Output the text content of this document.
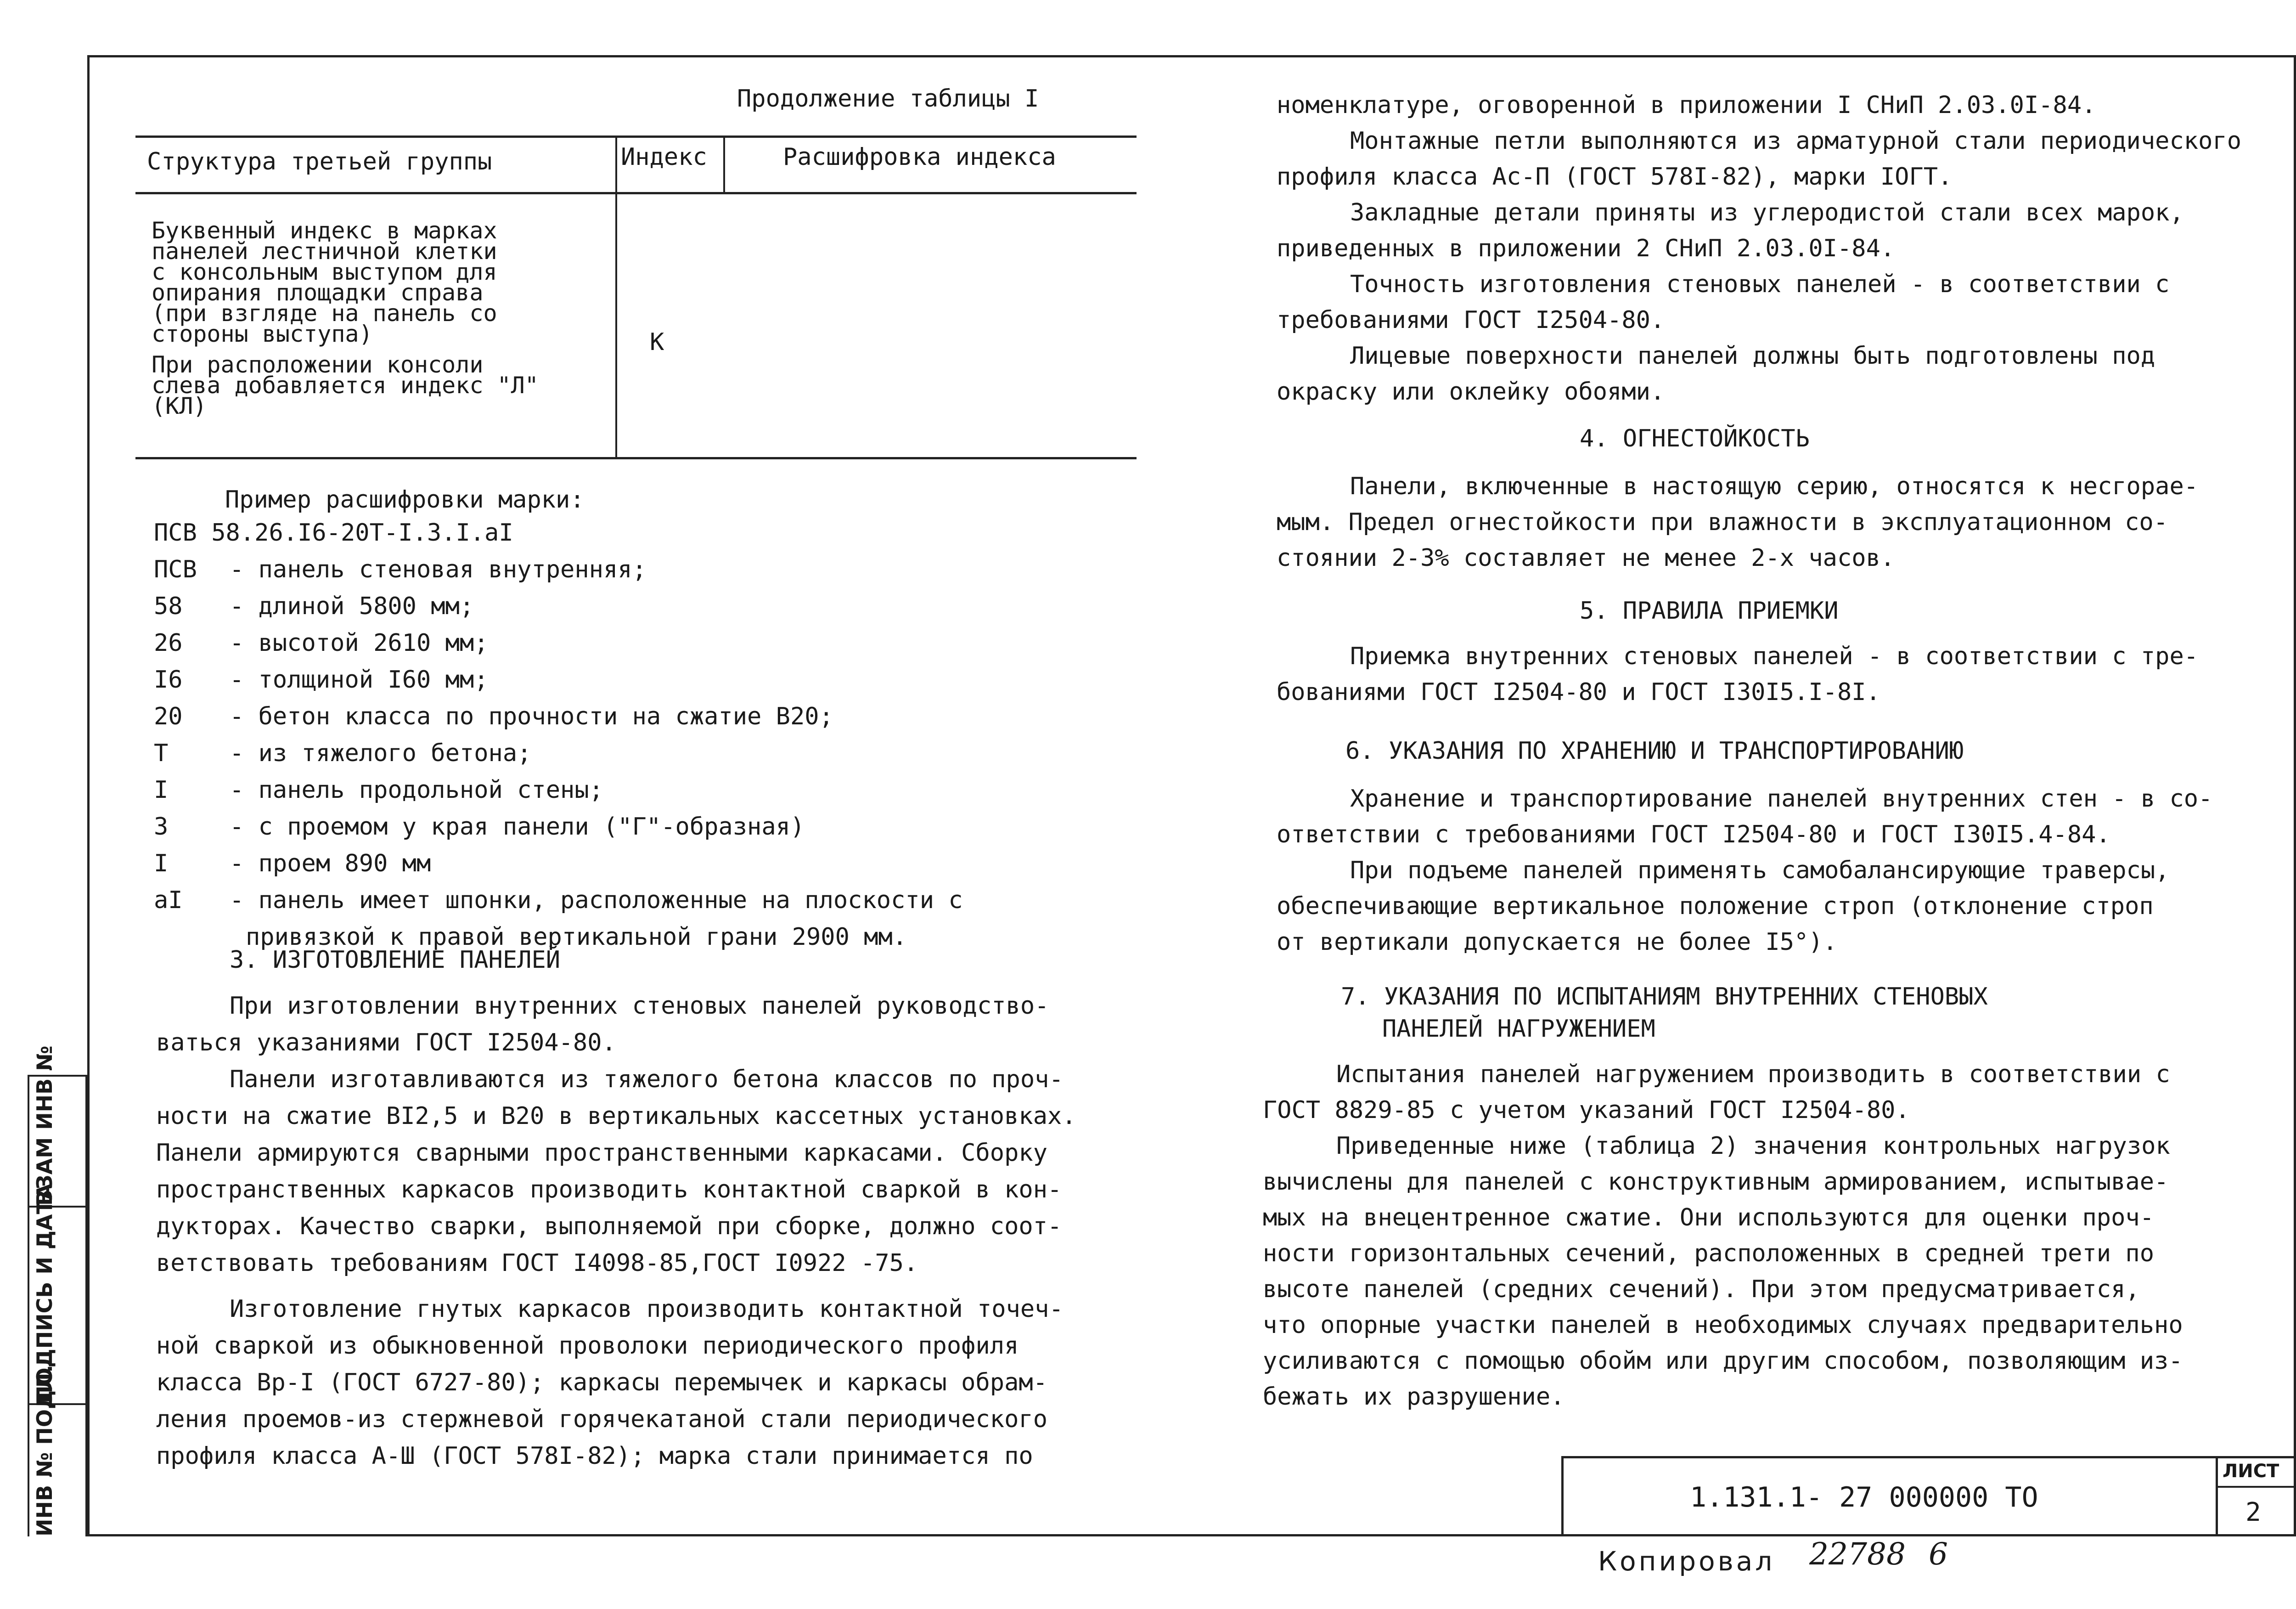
ИНВ № ПОДЛ.
ПОДПИСЬ И ДАТА
ВЗАМ ИНВ №
Продолжение таблицы I
Структура третьей группы	Индекс	Расшифровка индекса
Буквенный индекс в марках
панелей лестничной клетки
с консольным выступом для
опирания площадки справа
(при взгляде на панель со
стороны выступа)
При расположении консоли
слева добавляется индекс "Л"
(КЛ)
К
Пример расшифровки марки:
ПСВ 58.26.I6-20Т-I.3.I.aI
ПСВ - панель стеновая внутренняя;
58 - длиной 5800 мм;
26 - высотой 2610 мм;
I6 - толщиной I60 мм;
20 - бетон класса по прочности на сжатие В20;
Т	- из тяжелого бетона;
I	- панель продольной стены;
3	- с проемом у края панели ("Г"-образная)
I	- проем 890 мм
aI - панель имеет шпонки, расположенные на плоскости с
привязкой к правой вертикальной грани 2900 мм.
3. ИЗГОТОВЛЕНИЕ ПАНЕЛЕЙ
При изготовлении внутренних стеновых панелей руководство-
ваться указаниями ГОСТ I2504-80.
Панели изготавливаются из тяжелого бетона классов по проч-
ности на сжатие BI2,5 и B20 в вертикальных кассетных установках.
Панели армируются сварными пространственными каркасами. Сборку
пространственных каркасов производить контактной сваркой в кон-
дукторах. Качество сварки, выполняемой при сборке, должно соот-
ветствовать требованиям ГОСТ I4098-85,ГОСТ I0922 -75.
Изготовление гнутых каркасов производить контактной точеч-
ной сваркой из обыкновенной проволоки периодического профиля
класса Вр-I (ГОСТ 6727-80); каркасы перемычек и каркасы обрам-
ления проемов-из стержневой горячекатаной стали периодического
профиля класса А-Ш (ГОСТ 578I-82); марка стали принимается по
номенклатуре, оговоренной в приложении I СНиП 2.03.0I-84.
Монтажные петли выполняются из арматурной стали периодического
профиля класса Ас-П (ГОСТ 578I-82), марки IОГТ.
Закладные детали приняты из углеродистой стали всех марок,
приведенных в приложении 2 СНиП 2.03.0I-84.
Точность изготовления стеновых панелей - в соответствии с
требованиями ГОСТ I2504-80.
Лицевые поверхности панелей должны быть подготовлены под
окраску или оклейку обоями.
4. ОГНЕСТОЙКОСТЬ
Панели, включенные в настоящую серию, относятся к несгорае-
мым. Предел огнестойкости при влажности в эксплуатационном со-
стоянии 2-3% составляет не менее 2-х часов.
5. ПРАВИЛА ПРИЕМКИ
Приемка внутренних стеновых панелей - в соответствии с тре-
бованиями ГОСТ I2504-80 и ГОСТ I30I5.I-8I.
6. УКАЗАНИЯ ПО ХРАНЕНИЮ И ТРАНСПОРТИРОВАНИЮ
Хранение и транспортирование панелей внутренних стен - в со-
ответствии с требованиями ГОСТ I2504-80 и ГОСТ I30I5.4-84.
При подъеме панелей применять самобалансирующие траверсы,
обеспечивающие вертикальное положение строп (отклонение строп
от вертикали допускается не более I5°).
7. УКАЗАНИЯ ПО ИСПЫТАНИЯМ ВНУТРЕННИХ СТЕНОВЫХ
ПАНЕЛЕЙ НАГРУЖЕНИЕМ
Испытания панелей нагружением производить в соответствии с
ГОСТ 8829-85 с учетом указаний ГОСТ I2504-80.
Приведенные ниже (таблица 2) значения контрольных нагрузок
вычислены для панелей с конструктивным армированием, испытывае-
мых на внецентренное сжатие. Они используются для оценки проч-
ности горизонтальных сечений, расположенных в средней трети по
высоте панелей (средних сечений). При этом предусматривается,
что опорные участки панелей в необходимых случаях предварительно
усиливаются с помощью обойм или другим способом, позволяющим из-
бежать их разрушение.
1.131.1- 27 000000 ТО
ЛИСТ
2
Копировал 22788 6
